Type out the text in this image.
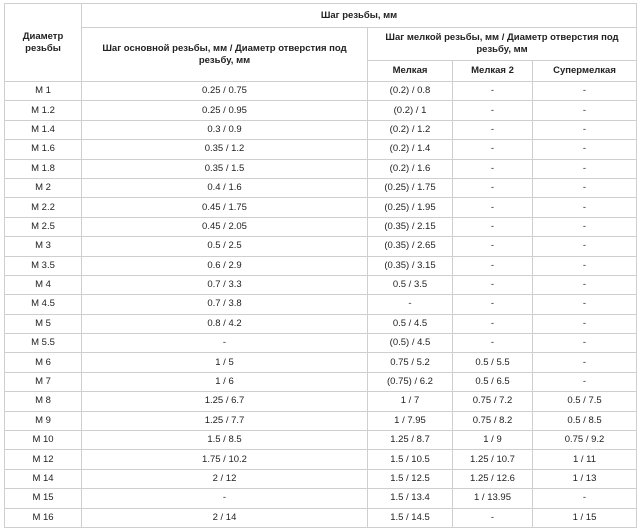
Диаметр резьбы	Шаг резьбы, мм			
	Шаг основной резьбы, мм / Диаметр отверстия под резьбу, мм	Шаг мелкой резьбы, мм / Диаметр отверстия под резьбу, мм		
		Мелкая	Мелкая 2	Супермелкая
M 1	0.25 / 0.75	(0.2) / 0.8	-	-
M 1.2	0.25 / 0.95	(0.2) / 1	-	-
M 1.4	0.3 / 0.9	(0.2) / 1.2	-	-
M 1.6	0.35 / 1.2	(0.2) / 1.4	-	-
M 1.8	0.35 / 1.5	(0.2) / 1.6	-	-
M 2	0.4 / 1.6	(0.25) / 1.75	-	-
M 2.2	0.45 / 1.75	(0.25) / 1.95	-	-
M 2.5	0.45 / 2.05	(0.35) / 2.15	-	-
M 3	0.5 / 2.5	(0.35) / 2.65	-	-
M 3.5	0.6 / 2.9	(0.35) / 3.15	-	-
M 4	0.7 / 3.3	0.5 / 3.5	-	-
M 4.5	0.7 / 3.8	-	-	-
M 5	0.8 / 4.2	0.5 / 4.5	-	-
M 5.5	-	(0.5) / 4.5	-	-
M 6	1 / 5	0.75 / 5.2	0.5 / 5.5	-
M 7	1 / 6	(0.75) / 6.2	0.5 / 6.5	-
M 8	1.25 / 6.7	1 / 7	0.75 / 7.2	0.5 / 7.5
M 9	1.25 / 7.7	1 / 7.95	0.75 / 8.2	0.5 / 8.5
M 10	1.5 / 8.5	1.25 / 8.7	1 / 9	0.75 / 9.2
M 12	1.75 / 10.2	1.5 / 10.5	1.25 / 10.7	1 / 11
M 14	2 / 12	1.5 / 12.5	1.25 / 12.6	1 / 13
M 15	-	1.5 / 13.4	1 / 13.95	-
M 16	2 / 14	1.5 / 14.5	-	1 / 15
